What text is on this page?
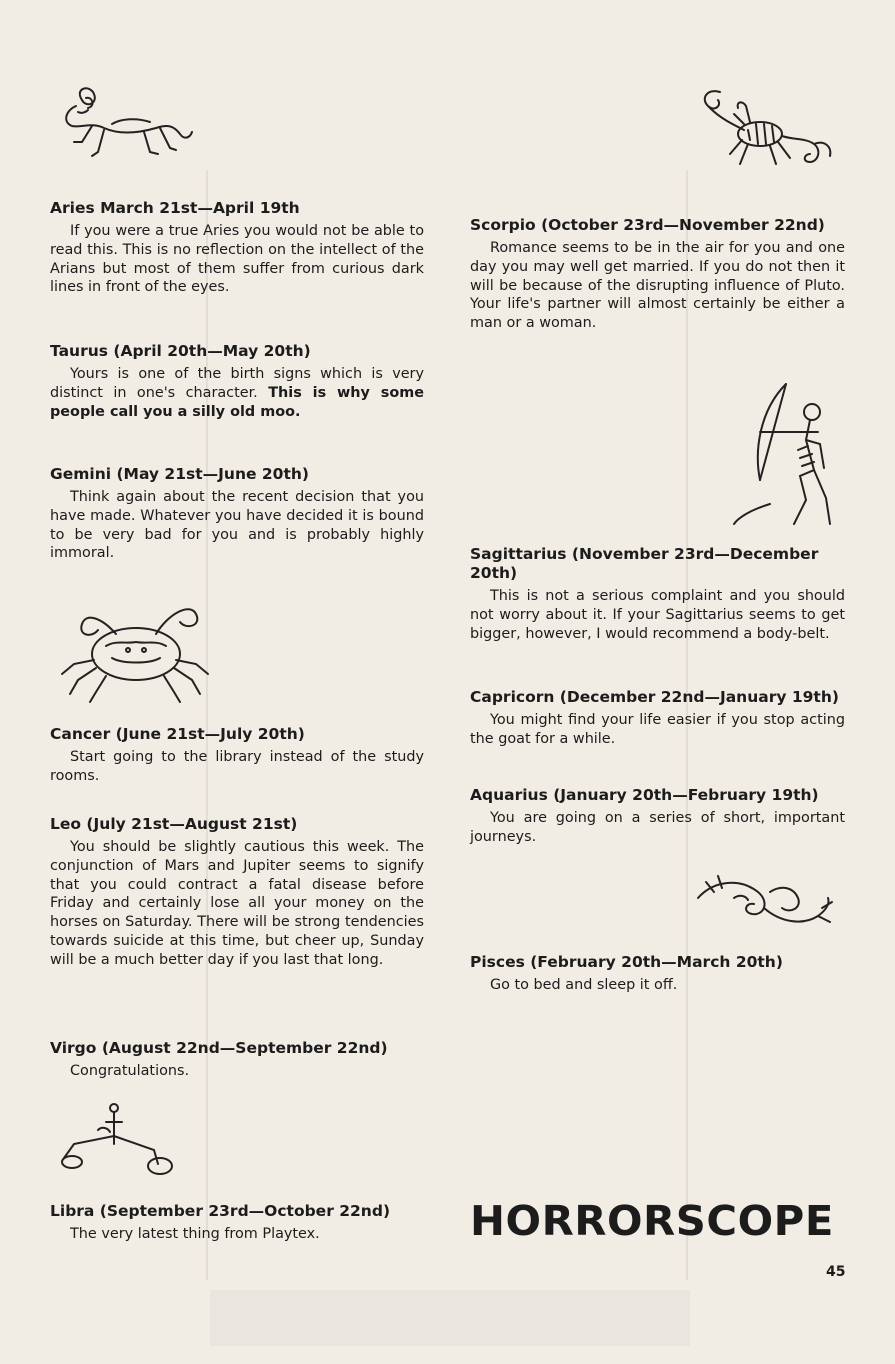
Aries March 21st—April 19th

If you were a true Aries you would not be able to read this. This is no reflection on the intellect of the Arians but most of them suffer from curious dark lines in front of the eyes.

Taurus (April 20th—May 20th)

Yours is one of the birth signs which is very distinct in one's character. This is why some people call you a silly old moo.

Gemini (May 21st—June 20th)

Think again about the recent decision that you have made. Whatever you have decided it is bound to be very bad for you and is probably highly immoral.

Cancer (June 21st—July 20th)

Start going to the library instead of the study rooms.

Leo (July 21st—August 21st)

You should be slightly cautious this week. The conjunction of Mars and Jupiter seems to signify that you could contract a fatal disease before Friday and certainly lose all your money on the horses on Saturday. There will be strong tendencies towards suicide at this time, but cheer up, Sunday will be a much better day if you last that long.

Virgo (August 22nd—September 22nd)

Congratulations.

Libra (September 23rd—October 22nd)

The very latest thing from Playtex.

Scorpio (October 23rd—November 22nd)

Romance seems to be in the air for you and one day you may well get married. If you do not then it will be because of the disrupting influence of Pluto. Your life's partner will almost certainly be either a man or a woman.

Sagittarius (November 23rd—December 20th)

This is not a serious complaint and you should not worry about it. If your Sagittarius seems to get bigger, however, I would recommend a body-belt.

Capricorn (December 22nd—January 19th)

You might find your life easier if you stop acting the goat for a while.

Aquarius (January 20th—February 19th)

You are going on a series of short, important journeys.

Pisces (February 20th—March 20th)

Go to bed and sleep it off.

HORRORSCOPE
45
